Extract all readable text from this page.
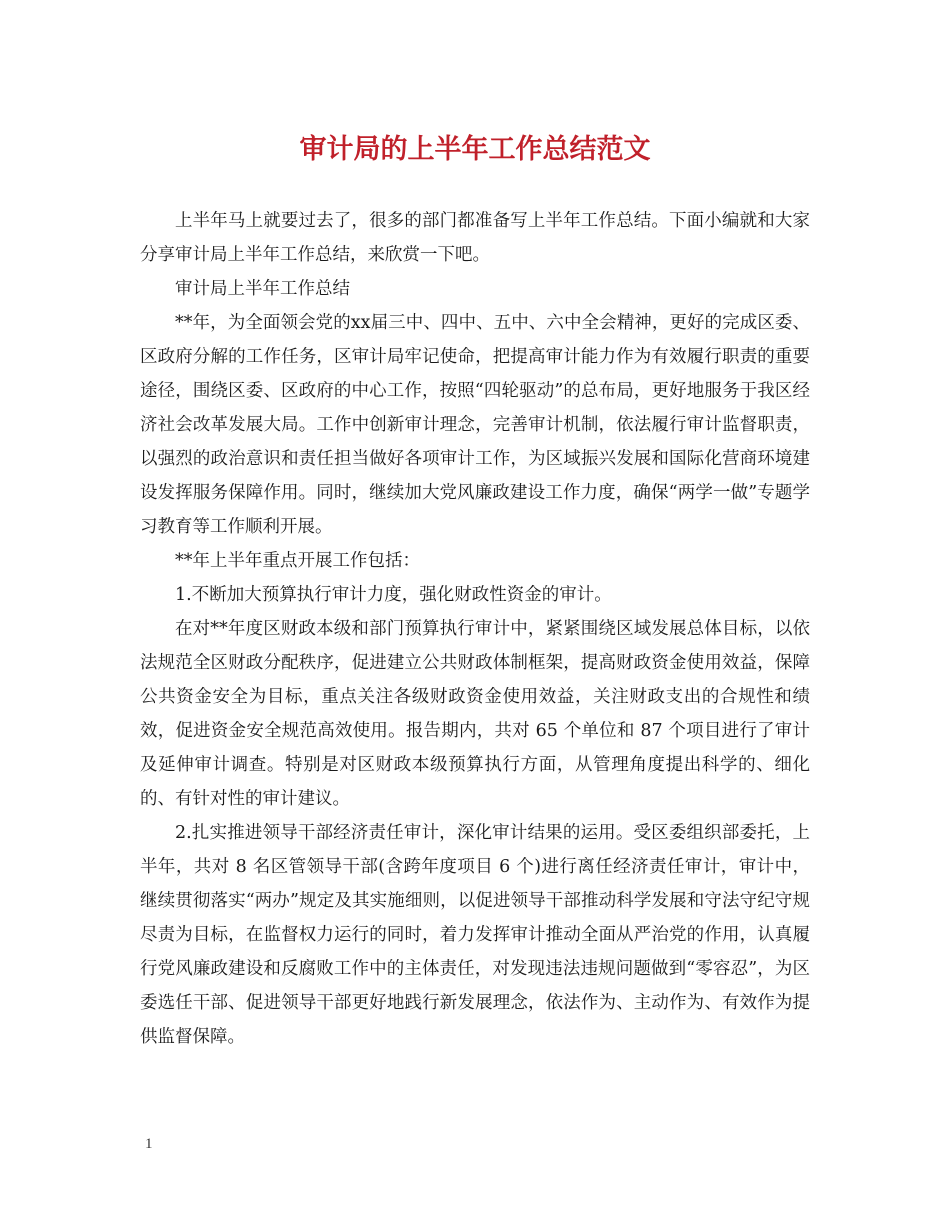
审计局的上半年工作总结范文

上半年马上就要过去了，很多的部门都准备写上半年工作总结。下面小编就和大家分享审计局上半年工作总结，来欣赏一下吧。

审计局上半年工作总结

**年，为全面领会党的xx届三中、四中、五中、六中全会精神，更好的完成区委、区政府分解的工作任务，区审计局牢记使命，把提高审计能力作为有效履行职责的重要途径，围绕区委、区政府的中心工作，按照“四轮驱动”的总布局，更好地服务于我区经济社会改革发展大局。工作中创新审计理念，完善审计机制，依法履行审计监督职责，以强烈的政治意识和责任担当做好各项审计工作，为区域振兴发展和国际化营商环境建设发挥服务保障作用。同时，继续加大党风廉政建设工作力度，确保“两学一做”专题学习教育等工作顺利开展。

**年上半年重点开展工作包括：

1.不断加大预算执行审计力度，强化财政性资金的审计。

在对**年度区财政本级和部门预算执行审计中，紧紧围绕区域发展总体目标，以依法规范全区财政分配秩序，促进建立公共财政体制框架，提高财政资金使用效益，保障公共资金安全为目标，重点关注各级财政资金使用效益，关注财政支出的合规性和绩效，促进资金安全规范高效使用。报告期内，共对 65 个单位和 87 个项目进行了审计及延伸审计调查。特别是对区财政本级预算执行方面，从管理角度提出科学的、细化的、有针对性的审计建议。

2.扎实推进领导干部经济责任审计，深化审计结果的运用。受区委组织部委托，上半年，共对 8 名区管领导干部(含跨年度项目 6 个)进行离任经济责任审计，审计中，继续贯彻落实“两办”规定及其实施细则，以促进领导干部推动科学发展和守法守纪守规尽责为目标，在监督权力运行的同时，着力发挥审计推动全面从严治党的作用，认真履行党风廉政建设和反腐败工作中的主体责任，对发现违法违规问题做到“零容忍”，为区委选任干部、促进领导干部更好地践行新发展理念，依法作为、主动作为、有效作为提供监督保障。

1
